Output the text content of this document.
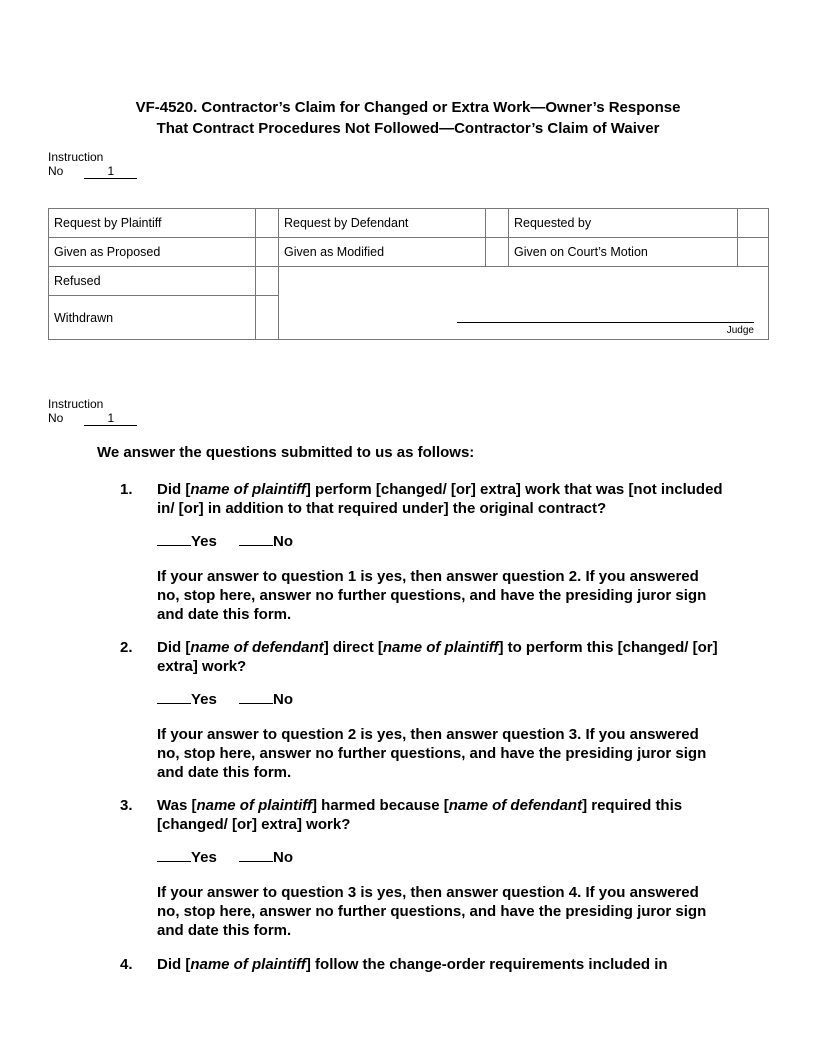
VF-4520. Contractor’s Claim for Changed or Extra Work—Owner’s Response
That Contract Procedures Not Followed—Contractor’s Claim of Waiver
Instruction
No	1
Request by Plaintiff		Request by Defendant		Requested by	
Given as Proposed		Given as Modified		Given on Court’s Motion	
Refused		Judge			

Withdrawn					
Instruction
No	1
We answer the questions submitted to us as follows:
1. Did [name of plaintiff] perform [changed/ [or] extra] work that was [not included in/ [or] in addition to that required under] the original contract?
Yes	No
If your answer to question 1 is yes, then answer question 2. If you answered no, stop here, answer no further questions, and have the presiding juror sign and date this form.
2. Did [name of defendant] direct [name of plaintiff] to perform this [changed/ [or] extra] work?
Yes	No
If your answer to question 2 is yes, then answer question 3. If you answered no, stop here, answer no further questions, and have the presiding juror sign and date this form.
3. Was [name of plaintiff] harmed because [name of defendant] required this [changed/ [or] extra] work?
Yes	No
If your answer to question 3 is yes, then answer question 4. If you answered no, stop here, answer no further questions, and have the presiding juror sign and date this form.
4. Did [name of plaintiff] follow the change-order requirements included in
